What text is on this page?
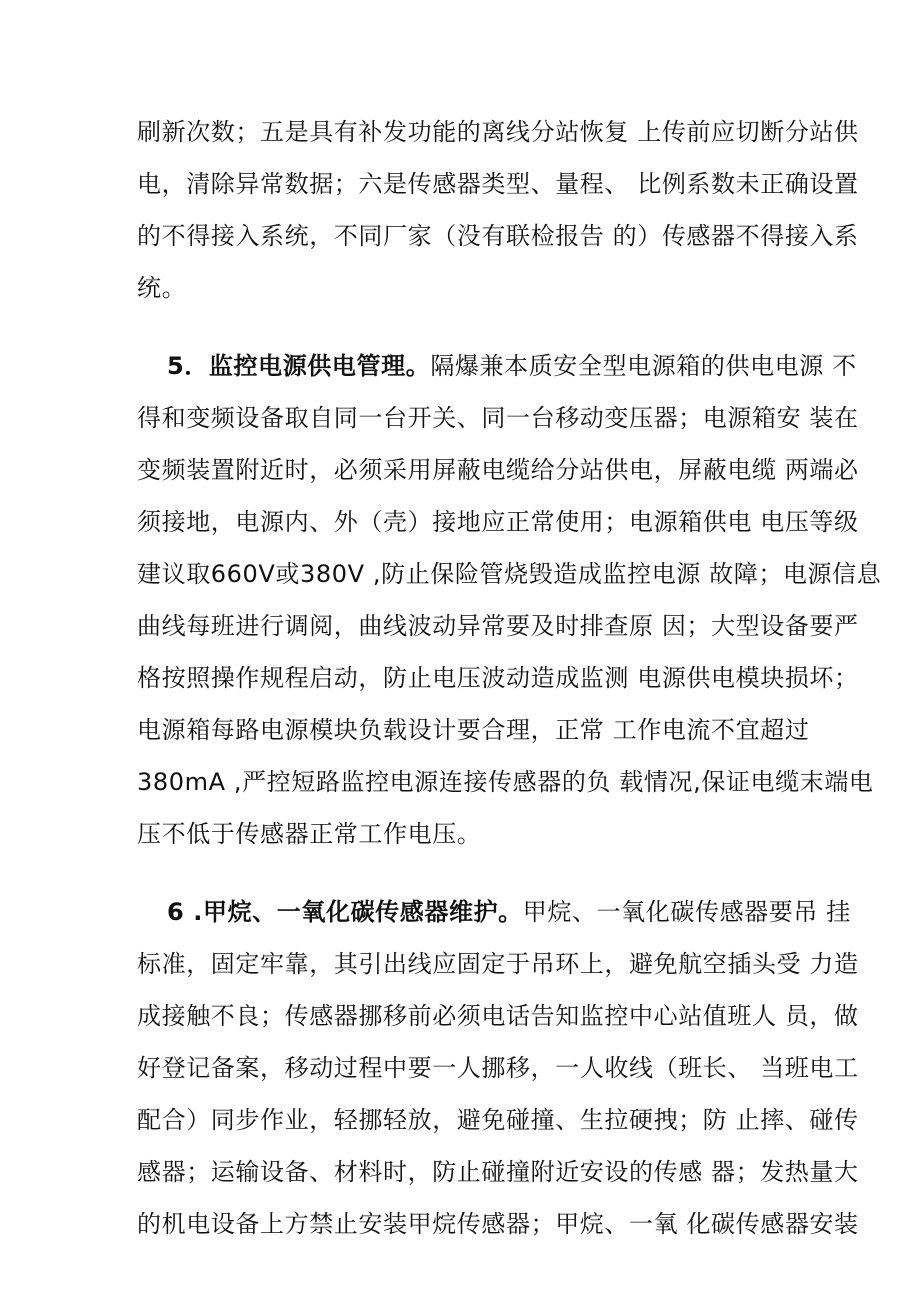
刷新次数；五是具有补发功能的离线分站恢复 上传前应切断分站供
电，清除异常数据；六是传感器类型、量程、 比例系数未正确设置
的不得接入系统，不同厂家（没有联检报告 的）传感器不得接入系
统。
5．监控电源供电管理。隔爆兼本质安全型电源箱的供电电源 不
得和变频设备取自同一台开关、同一台移动变压器；电源箱安 装在
变频装置附近时，必须采用屏蔽电缆给分站供电，屏蔽电缆 两端必
须接地，电源内、外（壳）接地应正常使用；电源箱供电 电压等级
建议取660V或380V ,防止保险管烧毁造成监控电源 故障；电源信息
曲线每班进行调阅，曲线波动异常要及时排查原 因；大型设备要严
格按照操作规程启动，防止电压波动造成监测 电源供电模块损坏；
电源箱每路电源模块负载设计要合理，正常 工作电流不宜超过
380mA ,严控短路监控电源连接传感器的负 载情况,保证电缆末端电
压不低于传感器正常工作电压。
6 .甲烷、一氧化碳传感器维护。甲烷、一氧化碳传感器要吊 挂
标准，固定牢靠，其引出线应固定于吊环上，避免航空插头受 力造
成接触不良；传感器挪移前必须电话告知监控中心站值班人 员，做
好登记备案，移动过程中要一人挪移，一人收线（班长、 当班电工
配合）同步作业，轻挪轻放，避免碰撞、生拉硬拽；防 止摔、碰传
感器；运输设备、材料时，防止碰撞附近安设的传感 器；发热量大
的机电设备上方禁止安装甲烷传感器；甲烷、一氧 化碳传感器安装
